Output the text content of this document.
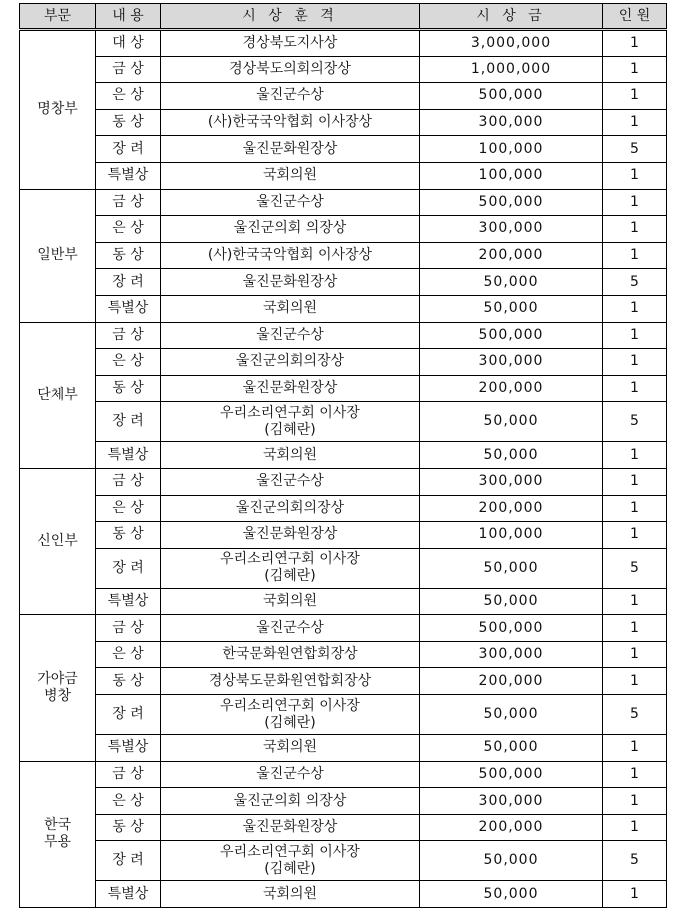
부문	내 용	시 상 훈 격	시 상 금	인 원

명창부	대 상	경상북도지사상	3,000,000	1
	금 상	경상북도의회의장상	1,000,000	1
	은 상	울진군수상	500,000	1
	동 상	(사)한국국악협회 이사장상	300,000	1
	장 려	울진문화원장상	100,000	5
	특별상	국회의원	100,000	1

일반부	금 상	울진군수상	500,000	1
	은 상	울진군의회 의장상	300,000	1
	동 상	(사)한국국악협회 이사장상	200,000	1
	장 려	울진문화원장상	50,000	5
	특별상	국회의원	50,000	1

단체부	금 상	울진군수상	500,000	1
	은 상	울진군의회의장상	300,000	1
	동 상	울진문화원장상	200,000	1
	장 려	우리소리연구회 이사장
(김혜란)	50,000	5
	특별상	국회의원	50,000	1

신인부	금 상	울진군수상	300,000	1
	은 상	울진군의회의장상	200,000	1
	동 상	울진문화원장상	100,000	1
	장 려	우리소리연구회 이사장
(김혜란)	50,000	5
	특별상	국회의원	50,000	1

가야금
병창	금 상	울진군수상	500,000	1
	은 상	한국문화원연합회장상	300,000	1
	동 상	경상북도문화원연합회장상	200,000	1
	장 려	우리소리연구회 이사장
(김혜란)	50,000	5
	특별상	국회의원	50,000	1

한국
무용	금 상	울진군수상	500,000	1
	은 상	울진군의회 의장상	300,000	1
	동 상	울진문화원장상	200,000	1
	장 려	우리소리연구회 이사장
(김혜란)	50,000	5
	특별상	국회의원	50,000	1
